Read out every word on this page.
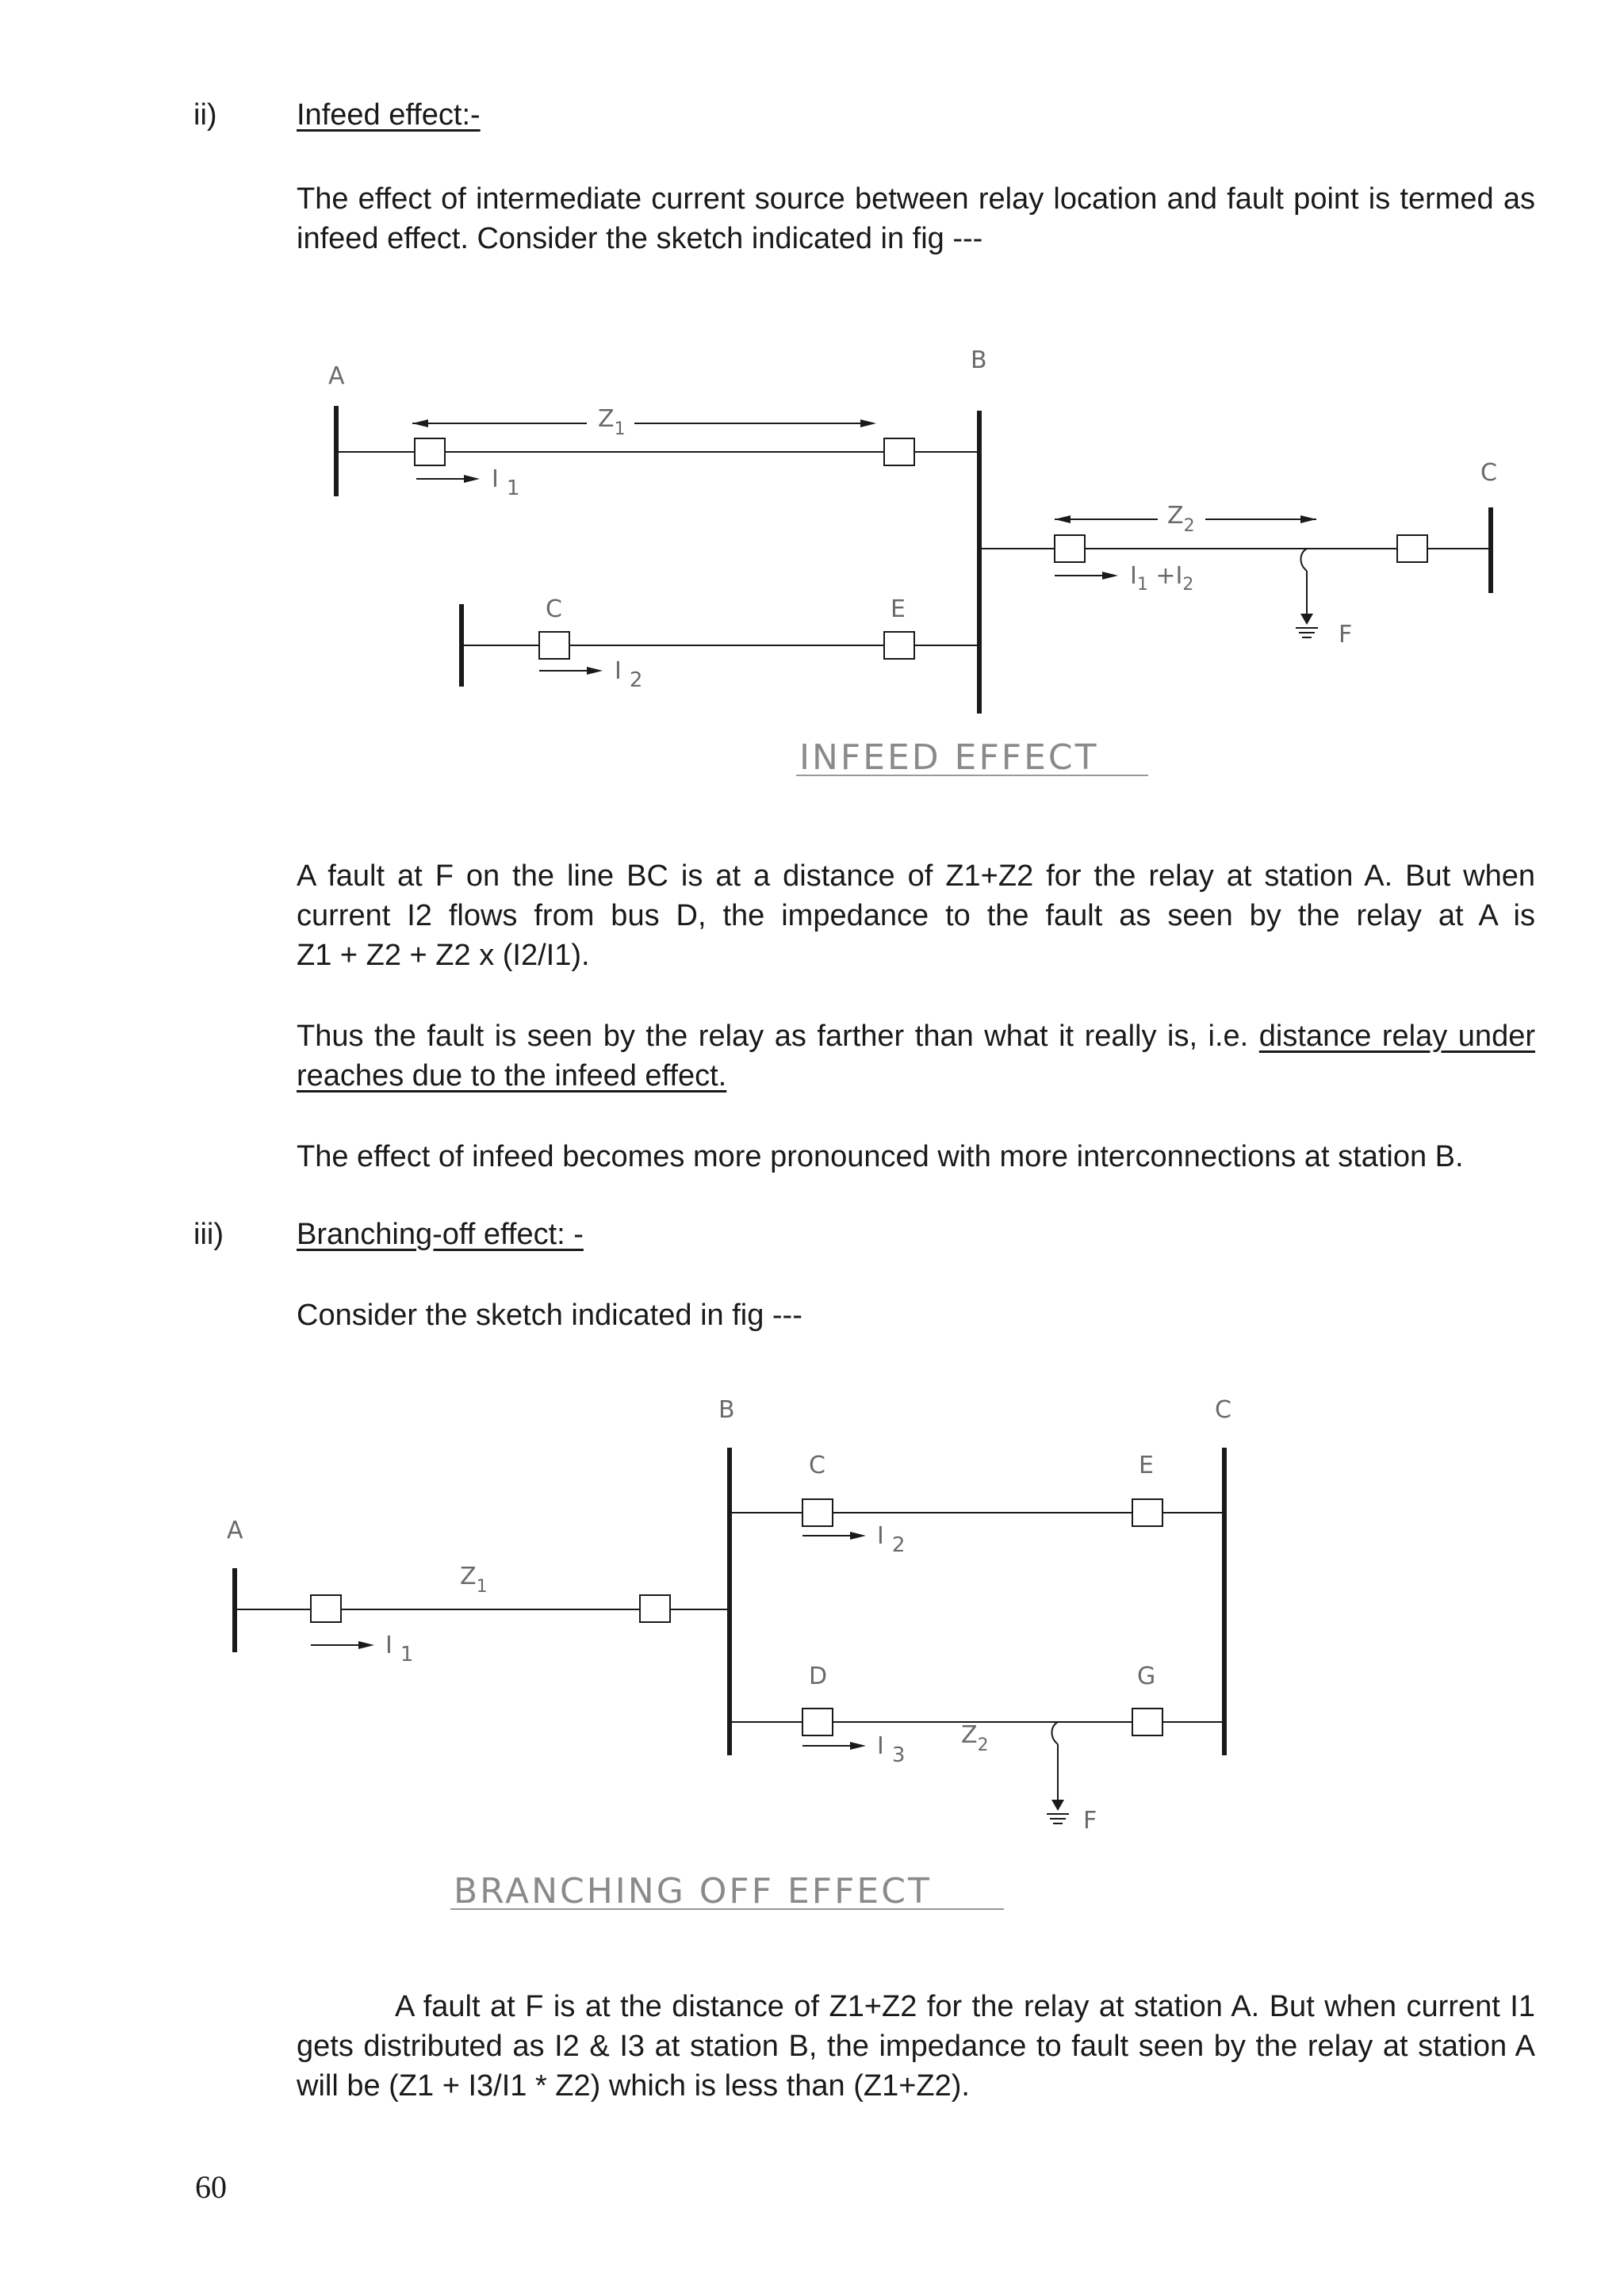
ii)	Infeed effect:-

The effect of intermediate current source between relay location and fault point is termed as infeed effect. Consider the sketch indicated in fig ---

A
B
C
C	E
F
$Z_1$
$Z_2$
I 1
I 2
$I_1 +I_2$
INFEED EFFECT

A fault at F on the line BC is at a distance of Z1+Z2 for the relay at station A. But when current I2 flows from bus D, the impedance to the fault as seen by the relay at A is
Z1 + Z2 + Z2 x (I2/I1).

Thus the fault is seen by the relay as farther than what it really is, i.e. distance relay under reaches due to the infeed effect.

The effect of infeed becomes more pronounced with more interconnections at station B.

iii) Branching-off effect: -

Consider the sketch indicated in fig ---

A
B	C
C	E
D	G
F
$Z_1$
$Z_2$
I 1
I 2
I 3
BRANCHING OFF EFFECT

A fault at F is at the distance of Z1+Z2 for the relay at station A. But when current I1 gets distributed as I2 & I3 at station B, the impedance to fault seen by the relay at station A will be (Z1 + I3/I1 * Z2) which is less than (Z1+Z2).

60
